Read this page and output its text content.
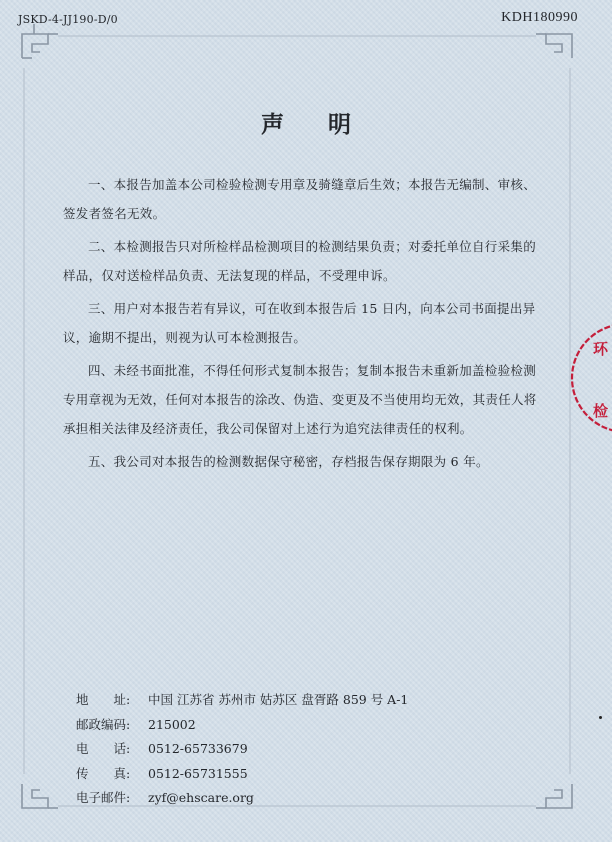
JSKD-4-JJ190-D/0	KDH180990
声明

一、本报告加盖本公司检验检测专用章及骑缝章后生效；本报告无编制、审核、签发者签名无效。

二、本检测报告只对所检样品检测项目的检测结果负责；对委托单位自行采集的样品，仅对送检样品负责、无法复现的样品，不受理申诉。

三、用户对本报告若有异议，可在收到本报告后 15 日内，向本公司书面提出异议，逾期不提出，则视为认可本检测报告。

四、未经书面批准，不得任何形式复制本报告；复制本报告未重新加盖检验检测专用章视为无效，任何对本报告的涂改、伪造、变更及不当使用均无效，其责任人将承担相关法律及经济责任，我公司保留对上述行为追究法律责任的权利。

五、我公司对本报告的检测数据保守秘密，存档报告保存期限为 6 年。

地　　址:	中国 江苏省 苏州市 姑苏区 盘胥路 859 号 A-1
邮政编码:	215002
电　　话:	0512-65733679
传　　真:	0512-65731555
电子邮件:	zyf@ehscare.org
环
检
